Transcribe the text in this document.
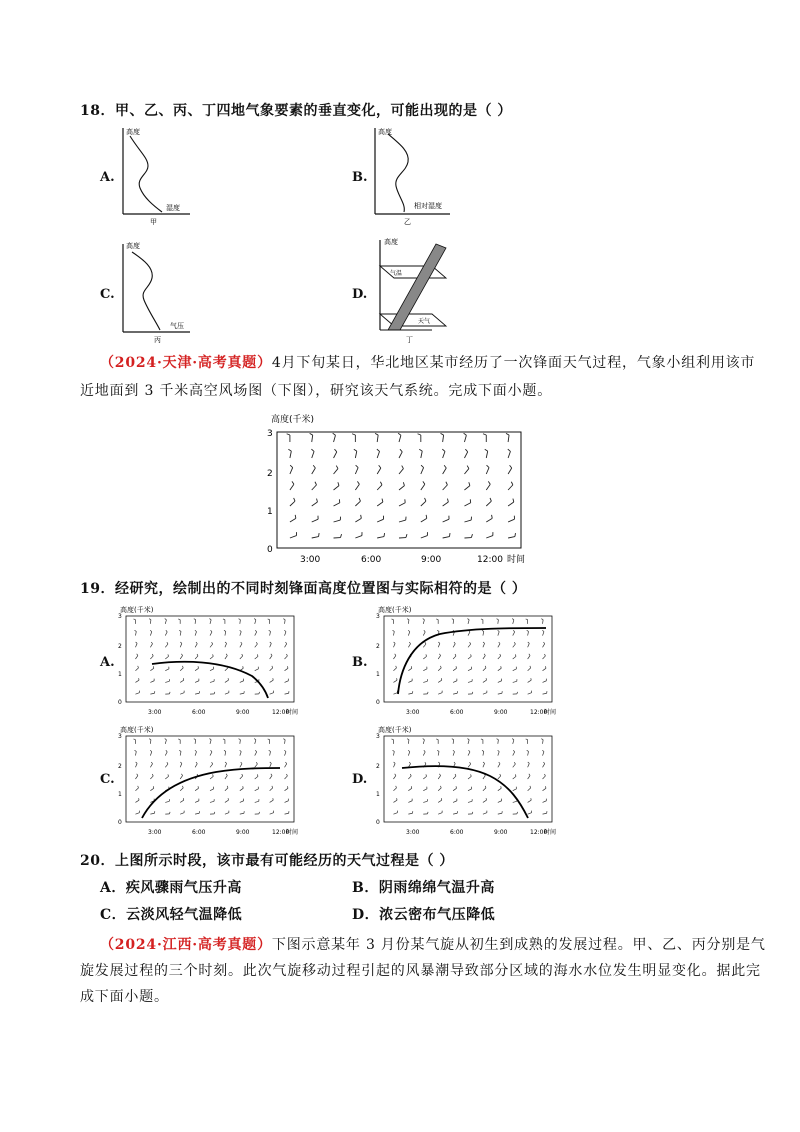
18．甲、乙、丙、丁四地气象要素的垂直变化，可能出现的是（ ）
A.
高度
湿度
甲
B.
高度
相对湿度
乙
C.
高度
气压
丙
D.
高度
气温
天气
丁
（2024·天津·高考真题）4月下旬某日，华北地区某市经历了一次锋面天气过程，气象小组利用该市
近地面到 3 千米高空风场图（下图），研究该天气系统。完成下面小题。
高度(千米)
3
2
1
0
3:00	6:00	9:00	12:00 时间
19．经研究，绘制出的不同时刻锋面高度位置图与实际相符的是（ ）
A.
高度(千米)
3
2
1
0
3:00	6:00	9:00	12:00
时间
B.
高度(千米)
3
2
1
0
3:00	6:00	9:00	12:00
时间
C.
高度(千米)
3
2
1
0
3:00	6:00	9:00	12:00
时间
D.
高度(千米)
3
2
1
0
3:00	6:00	9:00	12:00
时间
20．上图所示时段，该市最有可能经历的天气过程是（ ）
A．疾风骤雨气压升高	B．阴雨绵绵气温升高
C．云淡风轻气温降低	D．浓云密布气压降低
（2024·江西·高考真题）下图示意某年 3 月份某气旋从初生到成熟的发展过程。甲、乙、丙分别是气
旋发展过程的三个时刻。此次气旋移动过程引起的风暴潮导致部分区域的海水水位发生明显变化。据此完
成下面小题。
